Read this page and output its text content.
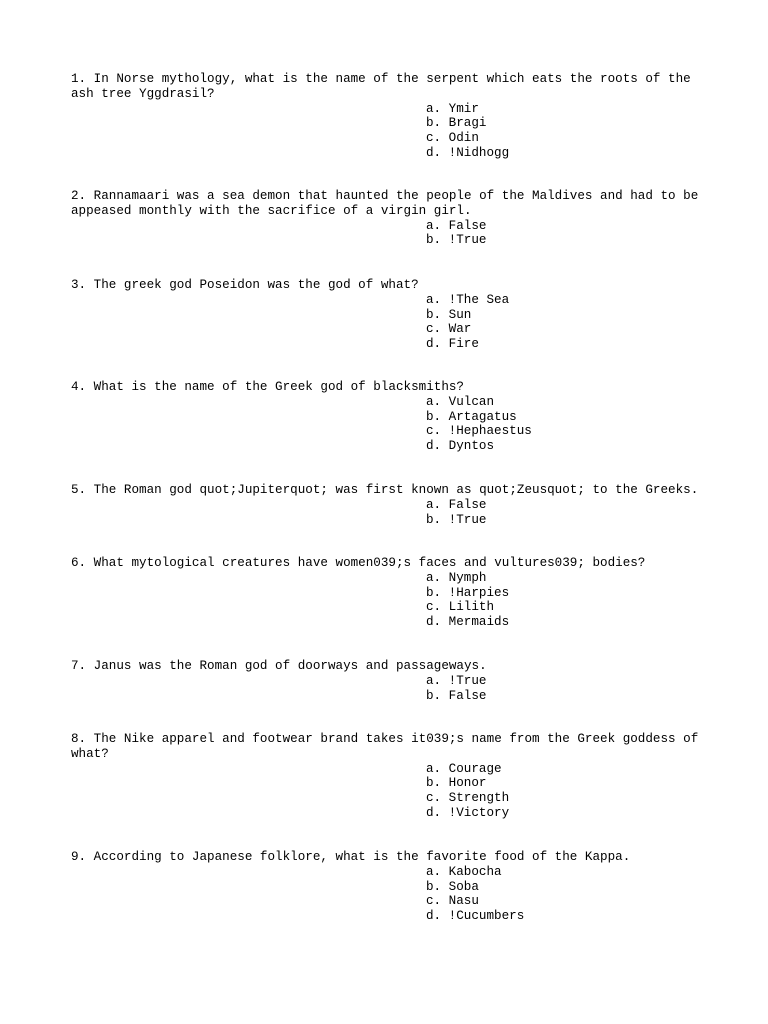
1. In Norse mythology, what is the name of the serpent which eats the roots of the ash tree Yggdrasil?

a. Ymir
b. Bragi
c. Odin
d. !Nidhogg

2. Rannamaari was a sea demon that haunted the people of the Maldives and had to be appeased monthly with the sacrifice of a virgin girl.

a. False
b. !True

3. The greek god Poseidon was the god of what?

a. !The Sea
b. Sun
c. War
d. Fire

4. What is the name of the Greek god of blacksmiths?

a. Vulcan
b. Artagatus
c. !Hephaestus
d. Dyntos

5. The Roman god quot;Jupiterquot; was first known as quot;Zeusquot; to the Greeks.

a. False
b. !True

6. What mytological creatures have women039;s faces and vultures039; bodies?

a. Nymph
b. !Harpies
c. Lilith
d. Mermaids

7. Janus was the Roman god of doorways and passageways.

a. !True
b. False

8. The Nike apparel and footwear brand takes it039;s name from the Greek goddess of what?

a. Courage
b. Honor
c. Strength
d. !Victory

9. According to Japanese folklore, what is the favorite food of the Kappa.

a. Kabocha
b. Soba
c. Nasu
d. !Cucumbers
